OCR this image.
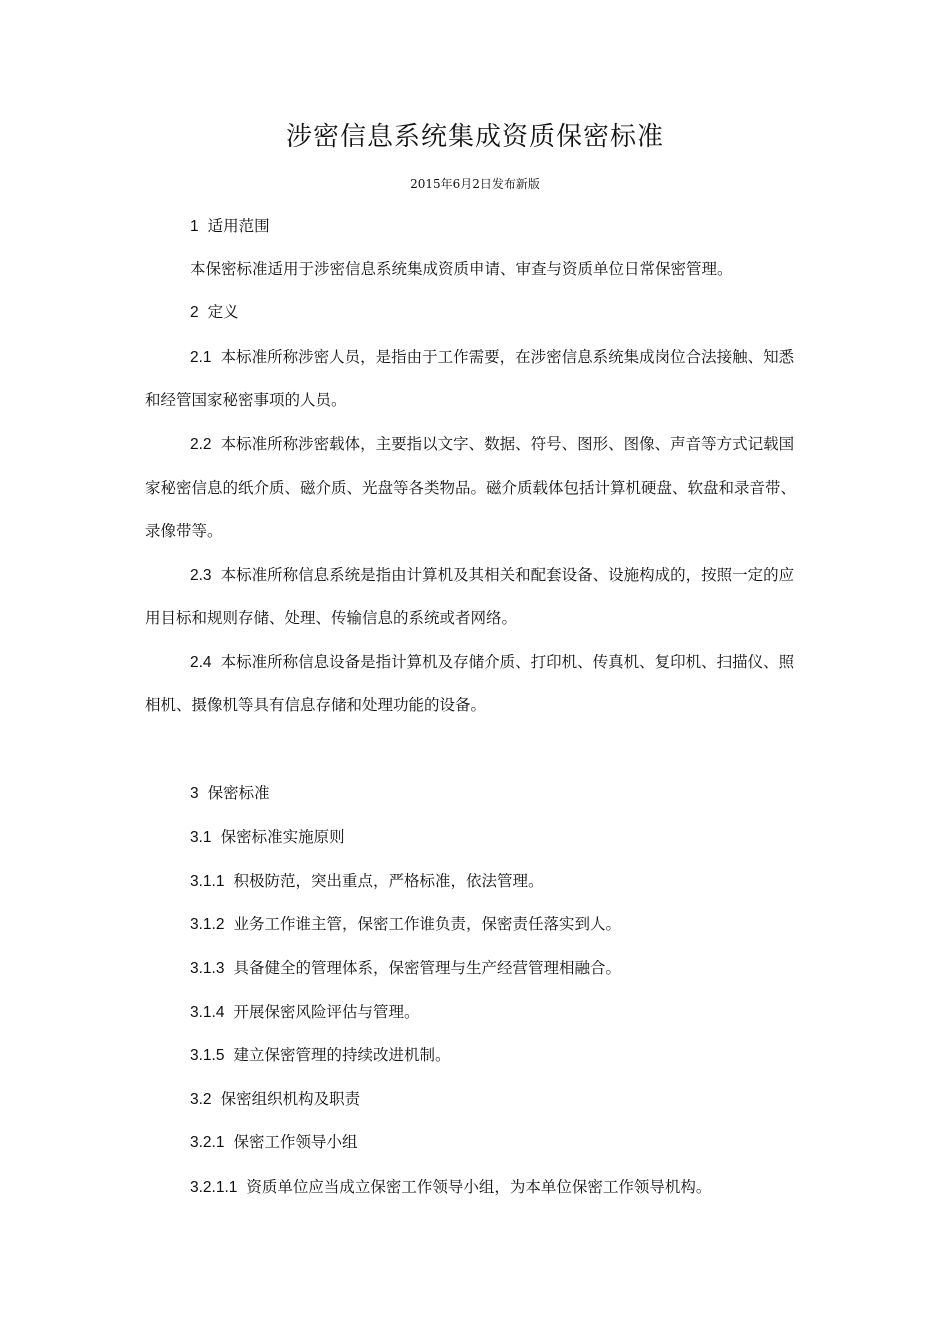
涉密信息系统集成资质保密标准
2015年6月2日发布新版
1 适用范围
本保密标准适用于涉密信息系统集成资质申请、审查与资质单位日常保密管理。
2 定义
2.1 本标准所称涉密人员，是指由于工作需要，在涉密信息系统集成岗位合法接触、知悉
和经管国家秘密事项的人员。
2.2 本标准所称涉密载体，主要指以文字、数据、符号、图形、图像、声音等方式记载国
家秘密信息的纸介质、磁介质、光盘等各类物品。磁介质载体包括计算机硬盘、软盘和录音带、
录像带等。
2.3 本标准所称信息系统是指由计算机及其相关和配套设备、设施构成的，按照一定的应
用目标和规则存储、处理、传输信息的系统或者网络。
2.4 本标准所称信息设备是指计算机及存储介质、打印机、传真机、复印机、扫描仪、照
相机、摄像机等具有信息存储和处理功能的设备。
3 保密标准
3.1 保密标准实施原则
3.1.1 积极防范，突出重点，严格标准，依法管理。
3.1.2 业务工作谁主管，保密工作谁负责，保密责任落实到人。
3.1.3 具备健全的管理体系，保密管理与生产经营管理相融合。
3.1.4 开展保密风险评估与管理。
3.1.5 建立保密管理的持续改进机制。
3.2 保密组织机构及职责
3.2.1 保密工作领导小组
3.2.1.1 资质单位应当成立保密工作领导小组，为本单位保密工作领导机构。
